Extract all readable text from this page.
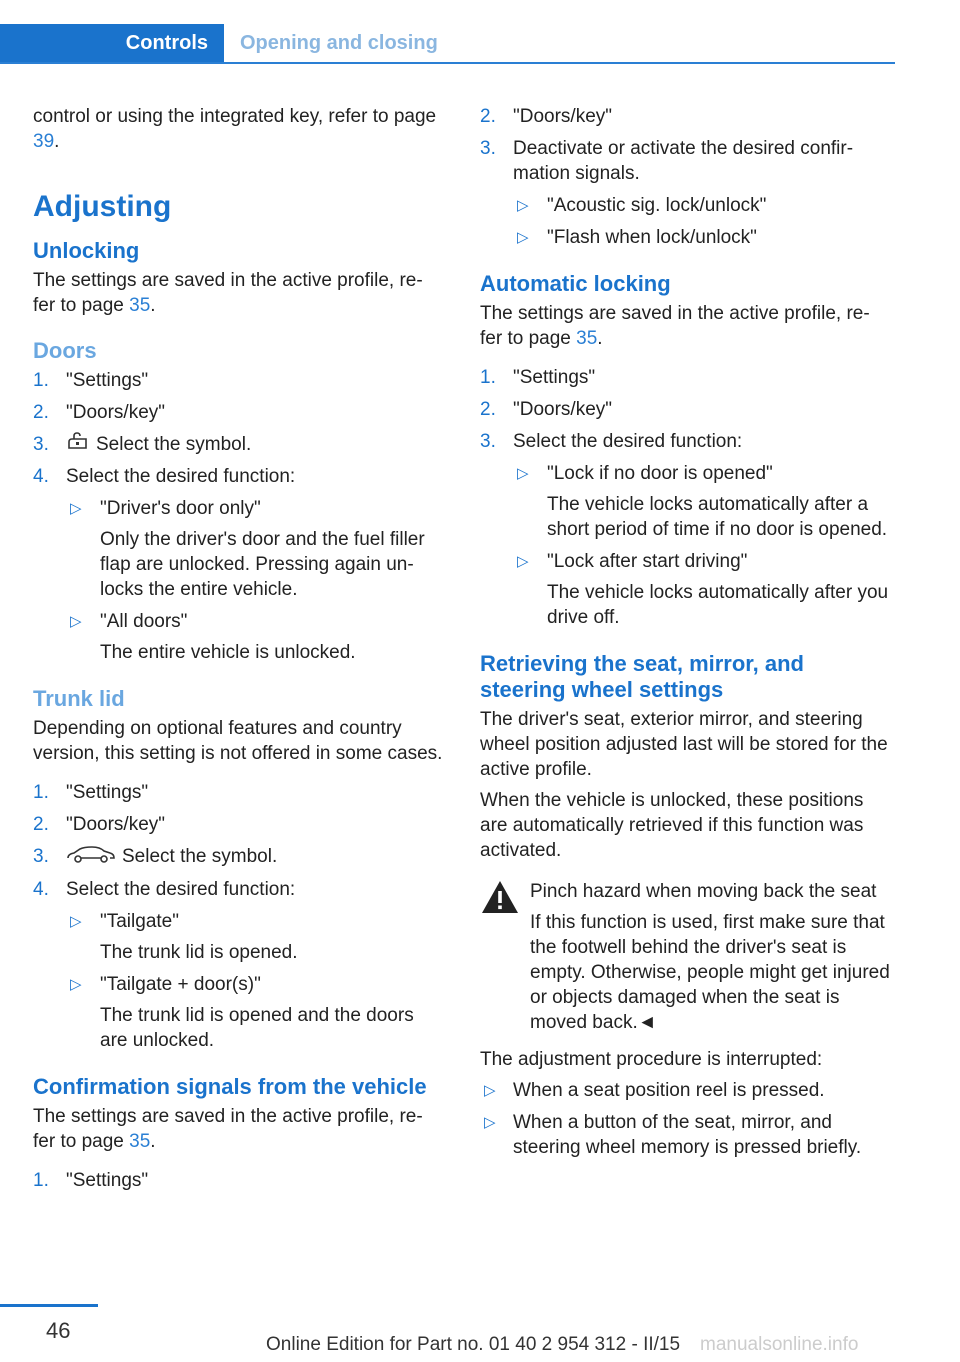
Controls	Opening and closing

control or using the integrated key, refer to page 39.

Adjusting
Unlocking

The settings are saved in the active profile, re-fer to page 35.

Doors
1. "Settings"
2. "Doors/key"
3. Select the symbol.
4. Select the desired function:
▷ "Driver's door only"
Only the driver's door and the fuel filler flap are unlocked. Pressing again un-locks the entire vehicle.
▷ "All doors"
The entire vehicle is unlocked.
Trunk lid

Depending on optional features and country version, this setting is not offered in some cases.

1. "Settings"
2. "Doors/key"
3.	Select the symbol.
4. Select the desired function:
▷ "Tailgate"
The trunk lid is opened.
▷ "Tailgate + door(s)"
The trunk lid is opened and the doors are unlocked.
Confirmation signals from the vehicle

The settings are saved in the active profile, re-fer to page 35.

1. "Settings"
2. "Doors/key"
3. Deactivate or activate the desired confir-mation signals.
▷ "Acoustic sig. lock/unlock"
▷ "Flash when lock/unlock"
Automatic locking

The settings are saved in the active profile, re-fer to page 35.

1. "Settings"
2. "Doors/key"
3. Select the desired function:
▷ "Lock if no door is opened"
The vehicle locks automatically after a short period of time if no door is opened.
▷ "Lock after start driving"
The vehicle locks automatically after you drive off.
Retrieving the seat, mirror, and steering wheel settings

The driver's seat, exterior mirror, and steering wheel position adjusted last will be stored for the active profile.

When the vehicle is unlocked, these positions are automatically retrieved if this function was activated.

Pinch hazard when moving back the seat

If this function is used, first make sure that the footwell behind the driver's seat is empty. Otherwise, people might get injured or objects damaged when the seat is moved back.◄

The adjustment procedure is interrupted:

▷ When a seat position reel is pressed.
▷ When a button of the seat, mirror, and steering wheel memory is pressed briefly.
46
Online Edition for Part no. 01 40 2 954 312 - II/15 manualsonline.info
